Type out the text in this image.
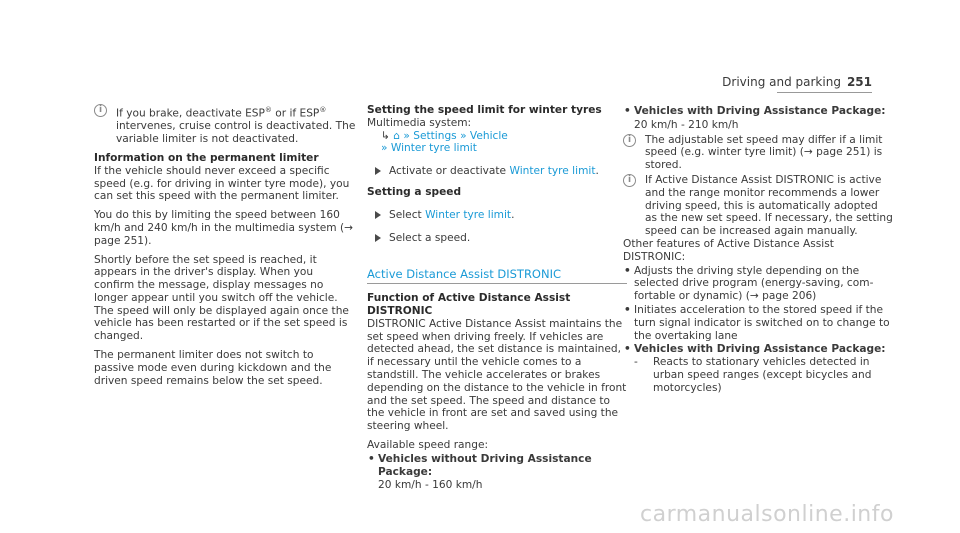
Driving and parking 251

i	If you brake, deactivate ESP® or if ESP® intervenes, cruise control is deactivated. The variable limiter is not deactivated.

Information on the permanent limiter

If the vehicle should never exceed a specific speed (e.g. for driving in winter tyre mode), you can set this speed with the permanent limiter.

You do this by limiting the speed between 160 km/h and 240 km/h in the multimedia system (→ page 251).

Shortly before the set speed is reached, it appears in the driver's display. When you confirm the message, display messages no longer appear until you switch off the vehicle. The speed will only be displayed again once the vehicle has been restarted or if the set speed is changed.

The permanent limiter does not switch to passive mode even during kickdown and the driven speed remains below the set speed.

Setting the speed limit for winter tyres

Multimedia system:

↳ ⌂ » Settings » Vehicle

» Winter tyre limit

Activate or deactivate Winter tyre limit.

Setting a speed

Select Winter tyre limit.

Select a speed.

Active Distance Assist DISTRONIC

Function of Active Distance Assist DISTRONIC

DISTRONIC Active Distance Assist maintains the set speed when driving freely. If vehicles are detected ahead, the set distance is maintained, if necessary until the vehicle comes to a standstill. The vehicle accelerates or brakes depending on the distance to the vehicle in front and the set speed. The speed and distance to the vehicle in front are set and saved using the steering wheel.

Available speed range:

• Vehicles without Driving Assistance Package:

20 km/h - 160 km/h

• Vehicles with Driving Assistance Package:

20 km/h - 210 km/h

i	The adjustable set speed may differ if a limit speed (e.g. winter tyre limit) (→ page 251) is stored.

i	If Active Distance Assist DISTRONIC is active and the range monitor recommends a lower driving speed, this is automatically adopted as the new set speed. If necessary, the setting speed can be increased again manually.

Other features of Active Distance Assist DISTRONIC:

• Adjusts the driving style depending on the selected drive program (energy-saving, comfortable or dynamic) (→ page 206)

• Initiates acceleration to the stored speed if the turn signal indicator is switched on to change to the overtaking lane

• Vehicles with Driving Assistance Package:

- Reacts to stationary vehicles detected in urban speed ranges (except bicycles and motorcycles)

carmanualsonline.info
